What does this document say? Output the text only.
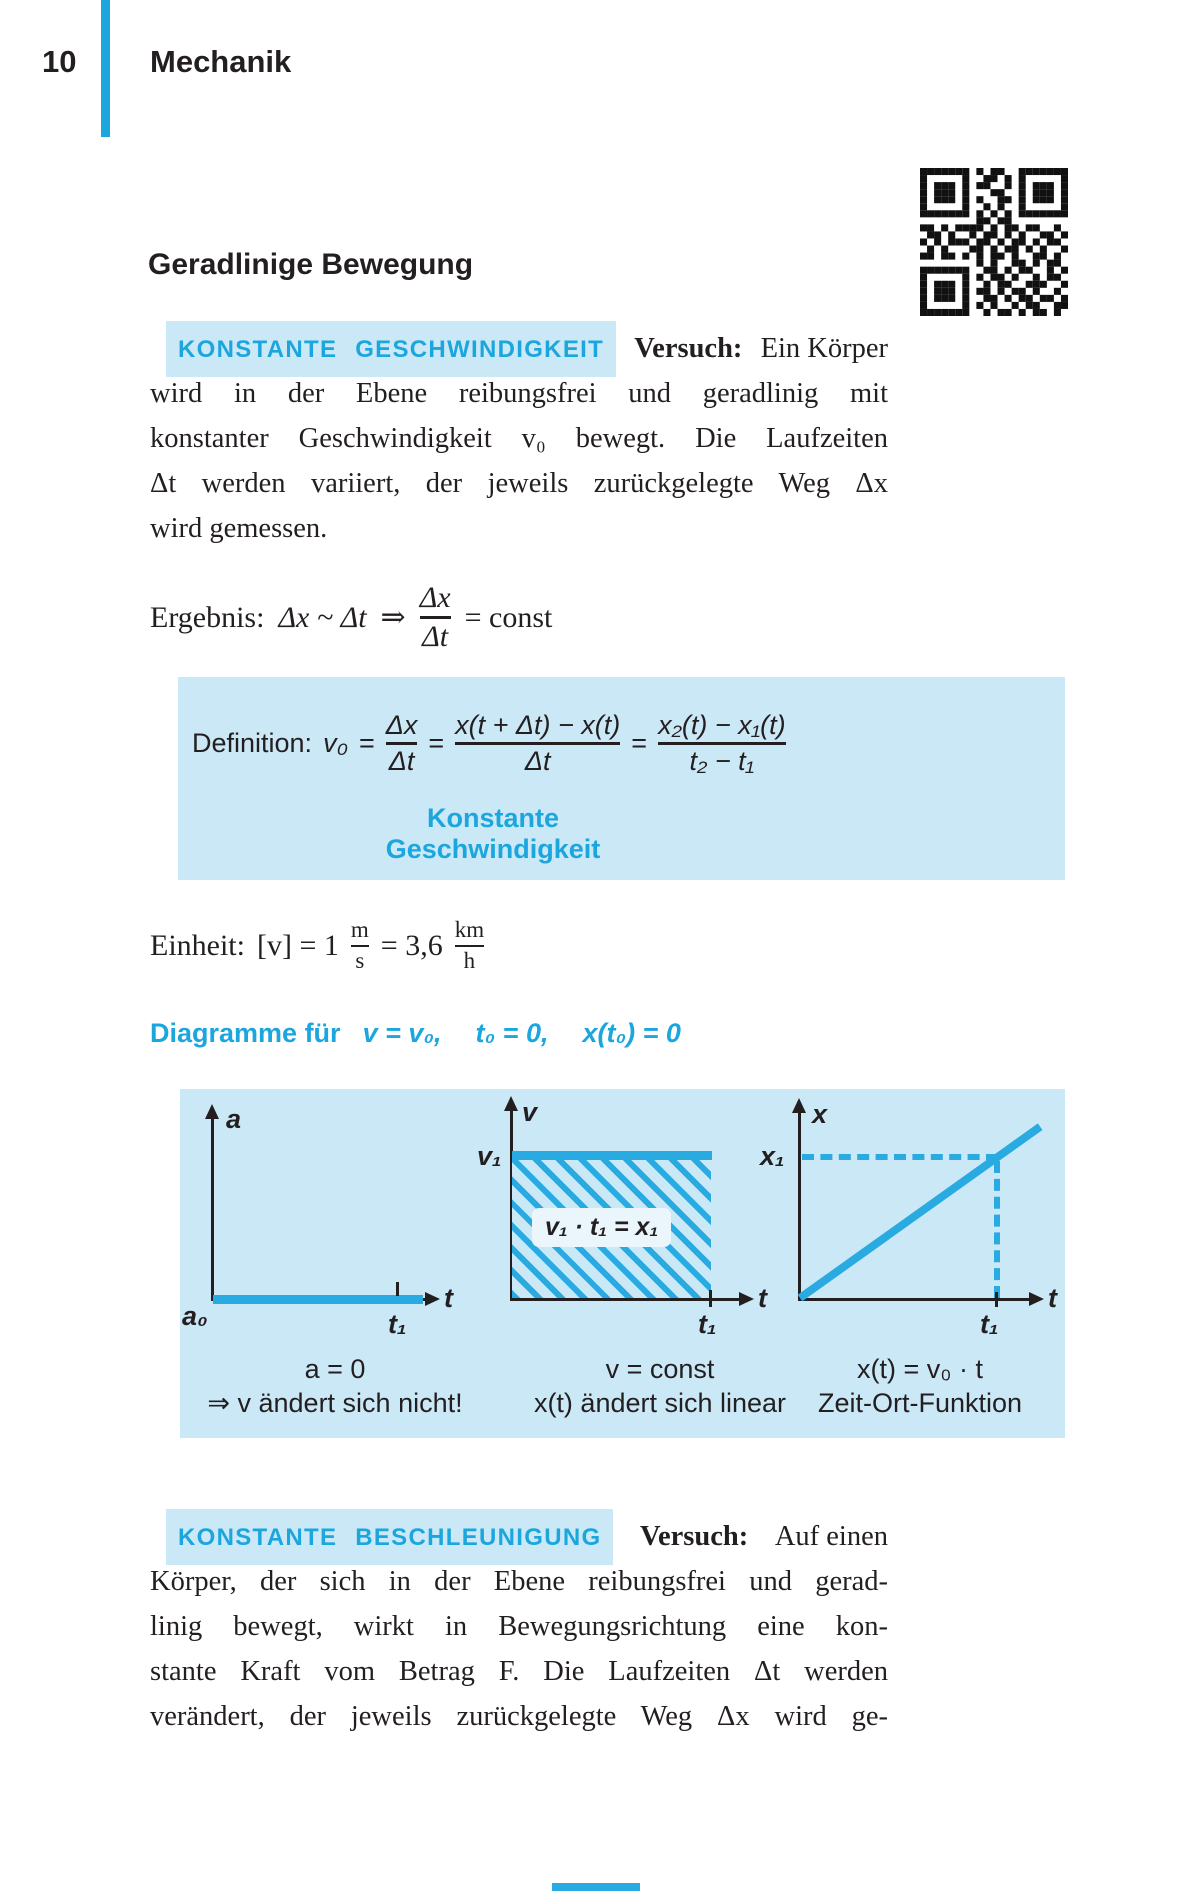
10 Mechanik
Geradlinige Bewegung
KONSTANTE GESCHWINDIGKEIT	Versuch: Ein Körper
wird in der Ebene reibungsfrei und geradlinig mit
konstanter Geschwindigkeit v₀ bewegt. Die Laufzeiten
Δt werden variiert, der jeweils zurückgelegte Weg Δx
wird gemessen.
Ergebnis: Δx ~ Δt ⇒ $\frac{\Delta x}{\Delta t}$ = const
Definition: $v_0 = \frac{\Delta x}{\Delta t} = \frac{x(t + \Delta t) - x(t)}{\Delta t} = \frac{\text{x₂(t) − x₁(t)}}{\text{t₂ − t₁}}$
Konstante Geschwindigkeit
Einheit: $[v] = 1 \frac{m}{s} = 3,6 \frac{km}{h}$
Diagramme für v = v₀, t₀ = 0, x(t₀) = 0
a
a₀
t
t₁
v₁ · t₁ = x₁
v
v₁
t
t₁
x
x₁
t
t₁
a = 0
⇒ v ändert sich nicht!
v = const
x(t) ändert sich linear
x(t) = v₀ · t
Zeit-Ort-Funktion
KONSTANTE BESCHLEUNIGUNG	Versuch: Auf einen
Körper, der sich in der Ebene reibungsfrei und gerad-
linig bewegt, wirkt in Bewegungsrichtung eine kon-
stante Kraft vom Betrag F. Die Laufzeiten Δt werden
verändert, der jeweils zurückgelegte Weg Δx wird ge-
